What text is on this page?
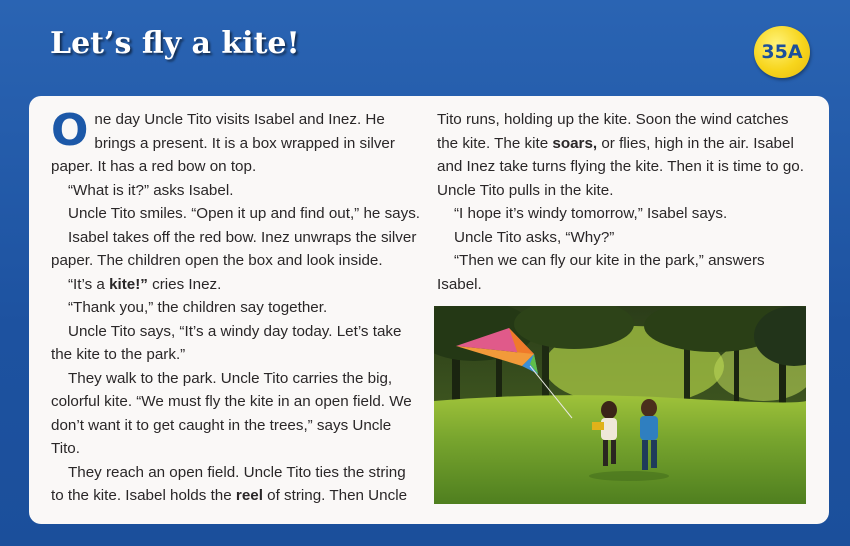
Let’s fly a kite!	35A

One day Uncle Tito visits Isabel and Inez. He brings a present. It is a box wrapped in silver paper. It has a red bow on top.

“What is it?” asks Isabel.

Uncle Tito smiles. “Open it up and find out,” he says.

Isabel takes off the red bow. Inez unwraps the silver paper. The children open the box and look inside.

“It’s a kite!” cries Inez.

“Thank you,” the children say together.

Uncle Tito says, “It’s a windy day today. Let’s take the kite to the park.”

They walk to the park. Uncle Tito carries the big, colorful kite. “We must fly the kite in an open field. We don’t want it to get caught in the trees,” says Uncle Tito.

They reach an open field. Uncle Tito ties the string to the kite. Isabel holds the reel of string. Then Uncle

Tito runs, holding up the kite. Soon the wind catches the kite. The kite soars, or flies, high in the air. Isabel and Inez take turns flying the kite. Then it is time to go. Uncle Tito pulls in the kite.

“I hope it’s windy tomorrow,” Isabel says.

Uncle Tito asks, “Why?”

“Then we can fly our kite in the park,” answers Isabel.
